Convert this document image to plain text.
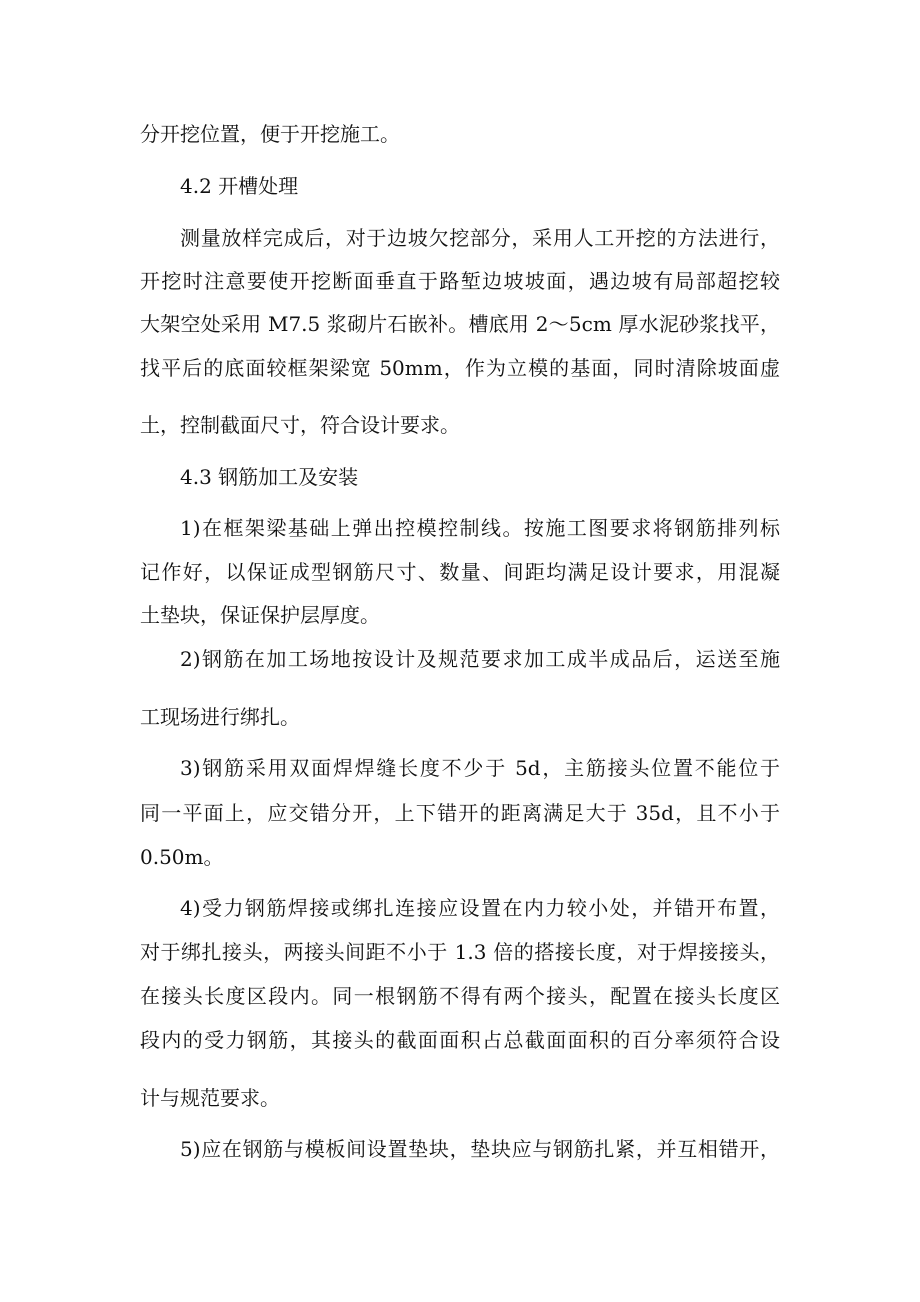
分开挖位置，便于开挖施工。
4.2 开槽处理
测量放样完成后，对于边坡欠挖部分，采用人工开挖的方法进行，
开挖时注意要使开挖断面垂直于路堑边坡坡面，遇边坡有局部超挖较
大架空处采用 M7.5 浆砌片石嵌补。槽底用 2～5cm 厚水泥砂浆找平，
找平后的底面较框架梁宽 50mm，作为立模的基面，同时清除坡面虚
土，控制截面尺寸，符合设计要求。
4.3 钢筋加工及安装
1)在框架梁基础上弹出控模控制线。按施工图要求将钢筋排列标
记作好，以保证成型钢筋尺寸、数量、间距均满足设计要求，用混凝
土垫块，保证保护层厚度。
2)钢筋在加工场地按设计及规范要求加工成半成品后，运送至施
工现场进行绑扎。
3)钢筋采用双面焊焊缝长度不少于 5d，主筋接头位置不能位于
同一平面上，应交错分开，上下错开的距离满足大于 35d，且不小于
0.50m。
4)受力钢筋焊接或绑扎连接应设置在内力较小处，并错开布置，
对于绑扎接头，两接头间距不小于 1.3 倍的搭接长度，对于焊接接头，
在接头长度区段内。同一根钢筋不得有两个接头，配置在接头长度区
段内的受力钢筋，其接头的截面面积占总截面面积的百分率须符合设
计与规范要求。
5)应在钢筋与模板间设置垫块，垫块应与钢筋扎紧，并互相错开，
